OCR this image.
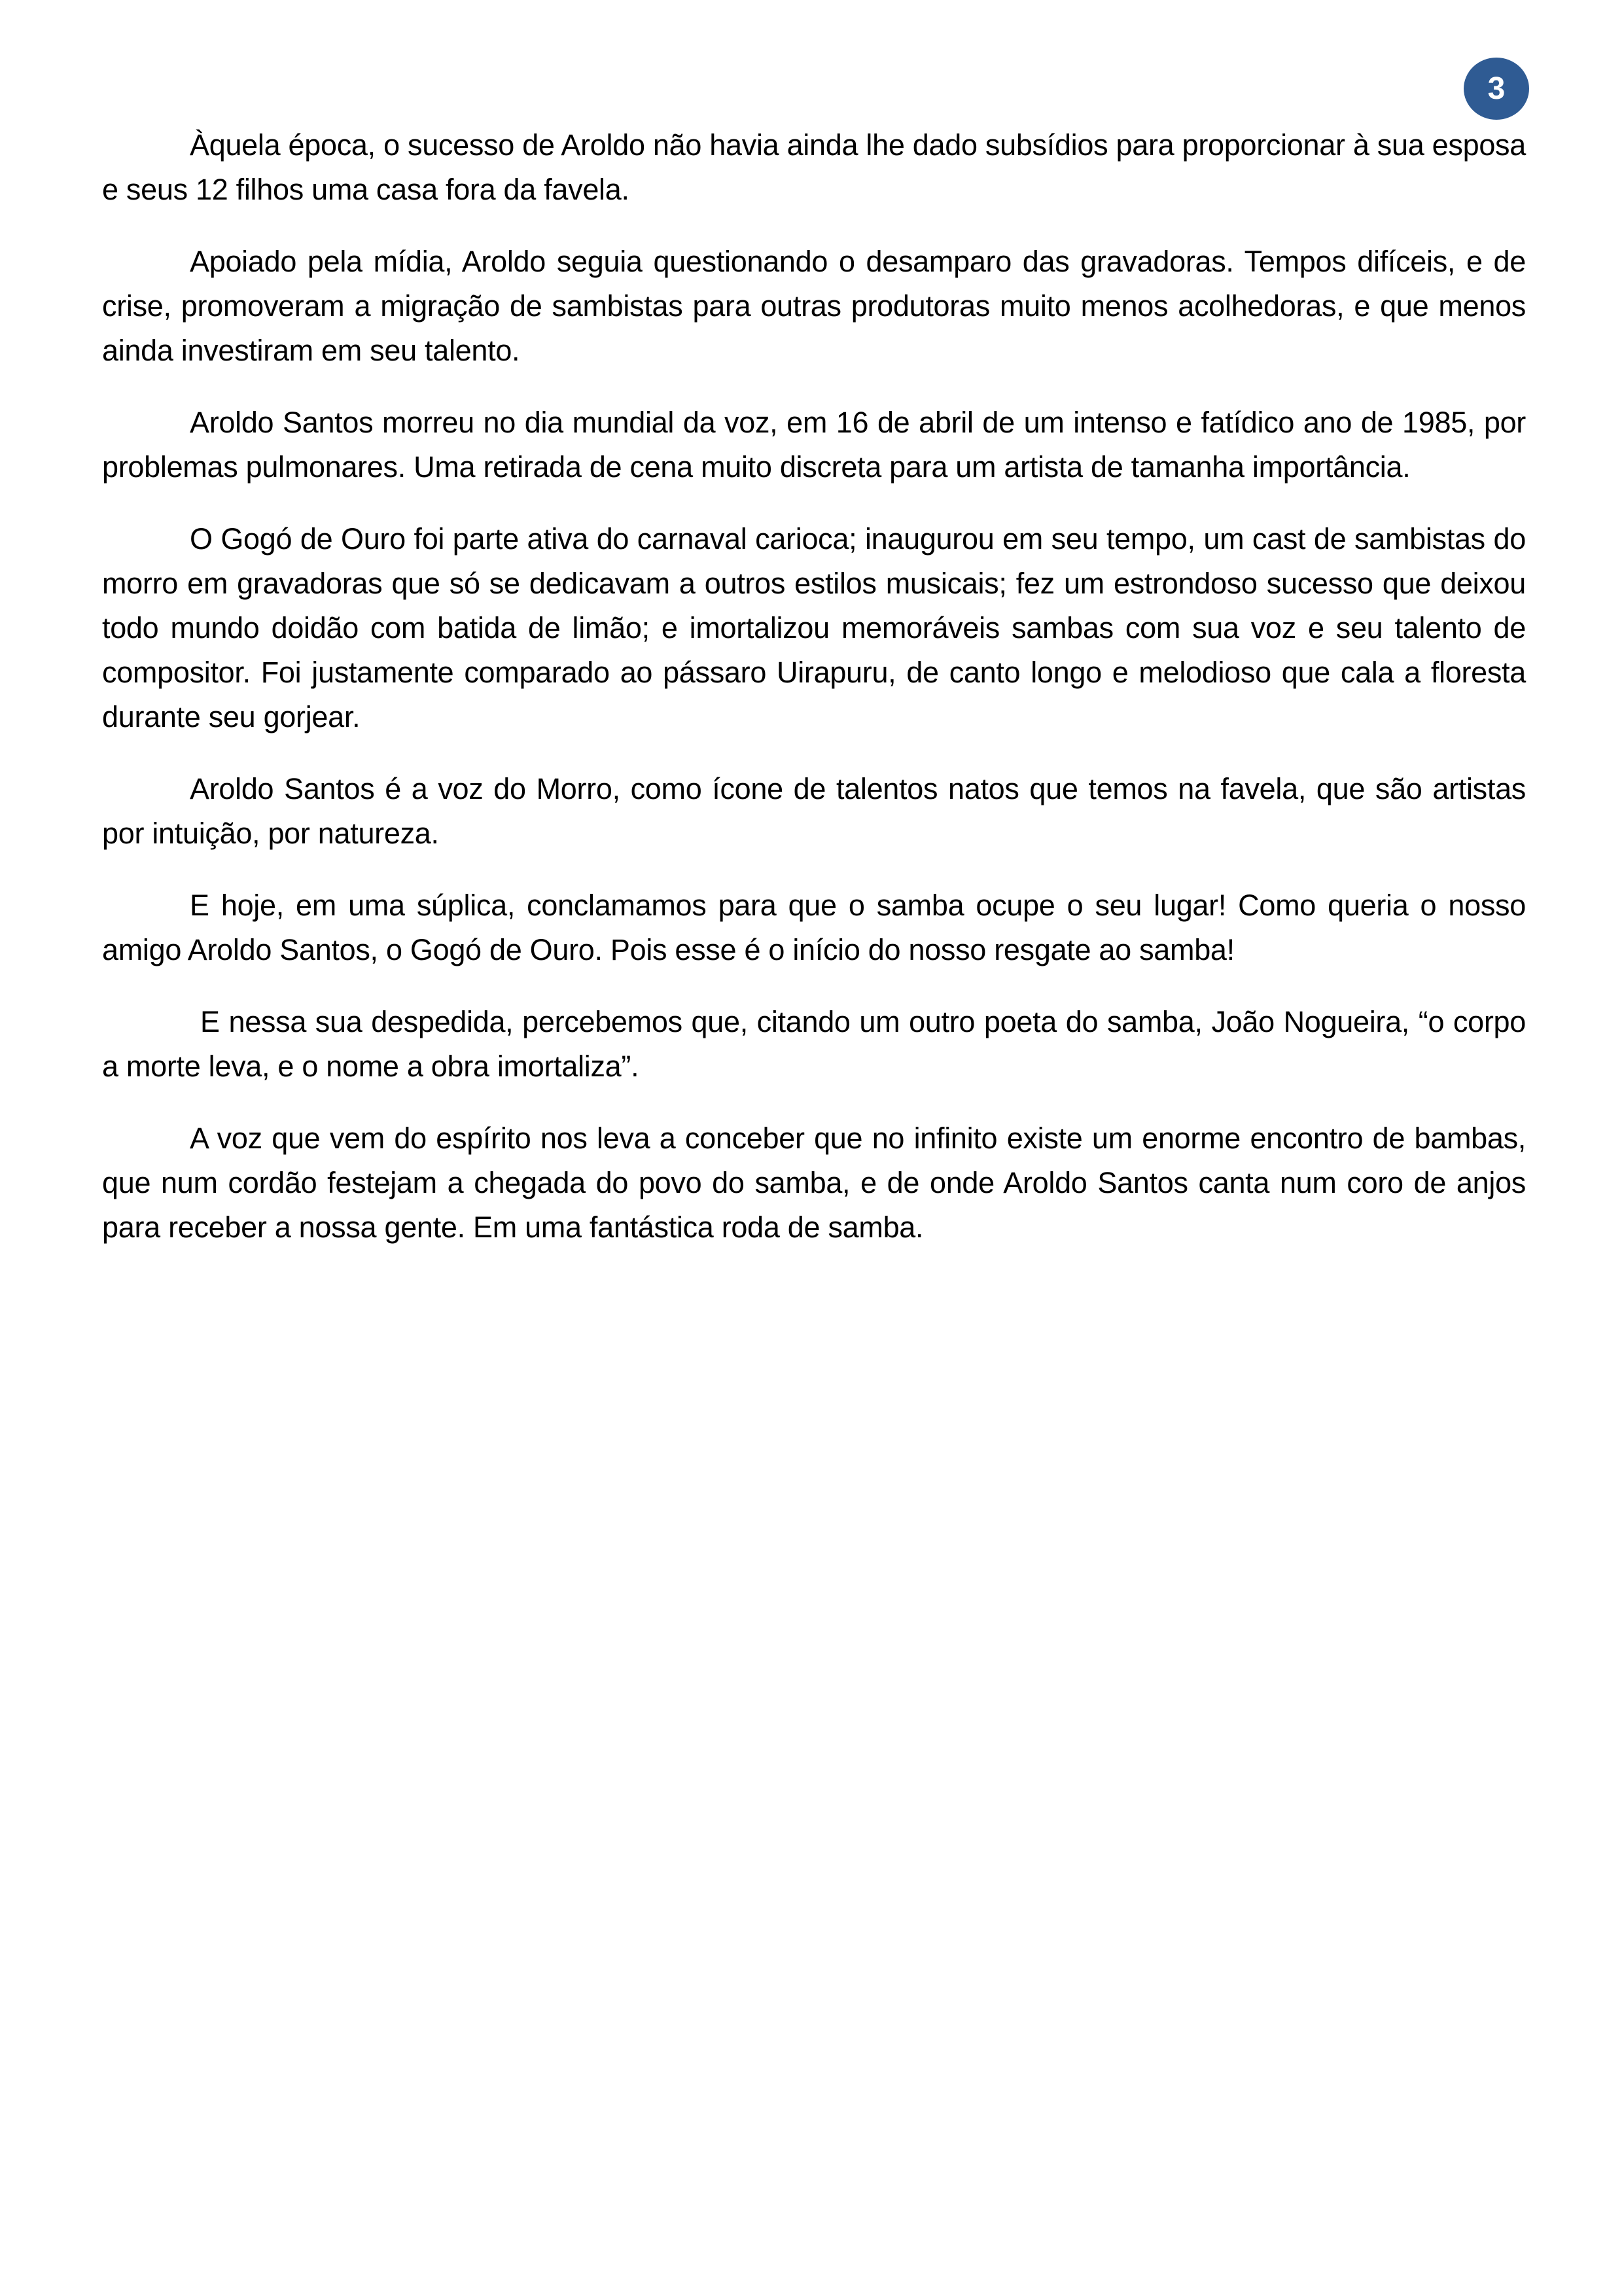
3

Àquela época, o sucesso de Aroldo não havia ainda lhe dado subsídios para proporcionar à sua esposa e seus 12 filhos uma casa fora da favela.

Apoiado pela mídia, Aroldo seguia questionando o desamparo das gravadoras. Tempos difíceis, e de crise, promoveram a migração de sambistas para outras produtoras muito menos acolhedoras, e que menos ainda investiram em seu talento.

Aroldo Santos morreu no dia mundial da voz, em 16 de abril de um intenso e fatídico ano de 1985, por problemas pulmonares. Uma retirada de cena muito discreta para um artista de tamanha importância.

O Gogó de Ouro foi parte ativa do carnaval carioca; inaugurou em seu tempo, um cast de sambistas do morro em gravadoras que só se dedicavam a outros estilos musicais; fez um estrondoso sucesso que deixou todo mundo doidão com batida de limão; e imortalizou memoráveis sambas com sua voz e seu talento de compositor. Foi justamente comparado ao pássaro Uirapuru, de canto longo e melodioso que cala a floresta durante seu gorjear.

Aroldo Santos é a voz do Morro, como ícone de talentos natos que temos na favela, que são artistas por intuição, por natureza.

E hoje, em uma súplica, conclamamos para que o samba ocupe o seu lugar! Como queria o nosso amigo Aroldo Santos, o Gogó de Ouro. Pois esse é o início do nosso resgate ao samba!

E nessa sua despedida, percebemos que, citando um outro poeta do samba, João Nogueira, “o corpo a morte leva, e o nome a obra imortaliza”.

A voz que vem do espírito nos leva a conceber que no infinito existe um enorme encontro de bambas, que num cordão festejam a chegada do povo do samba, e de onde Aroldo Santos canta num coro de anjos para receber a nossa gente. Em uma fantástica roda de samba.
